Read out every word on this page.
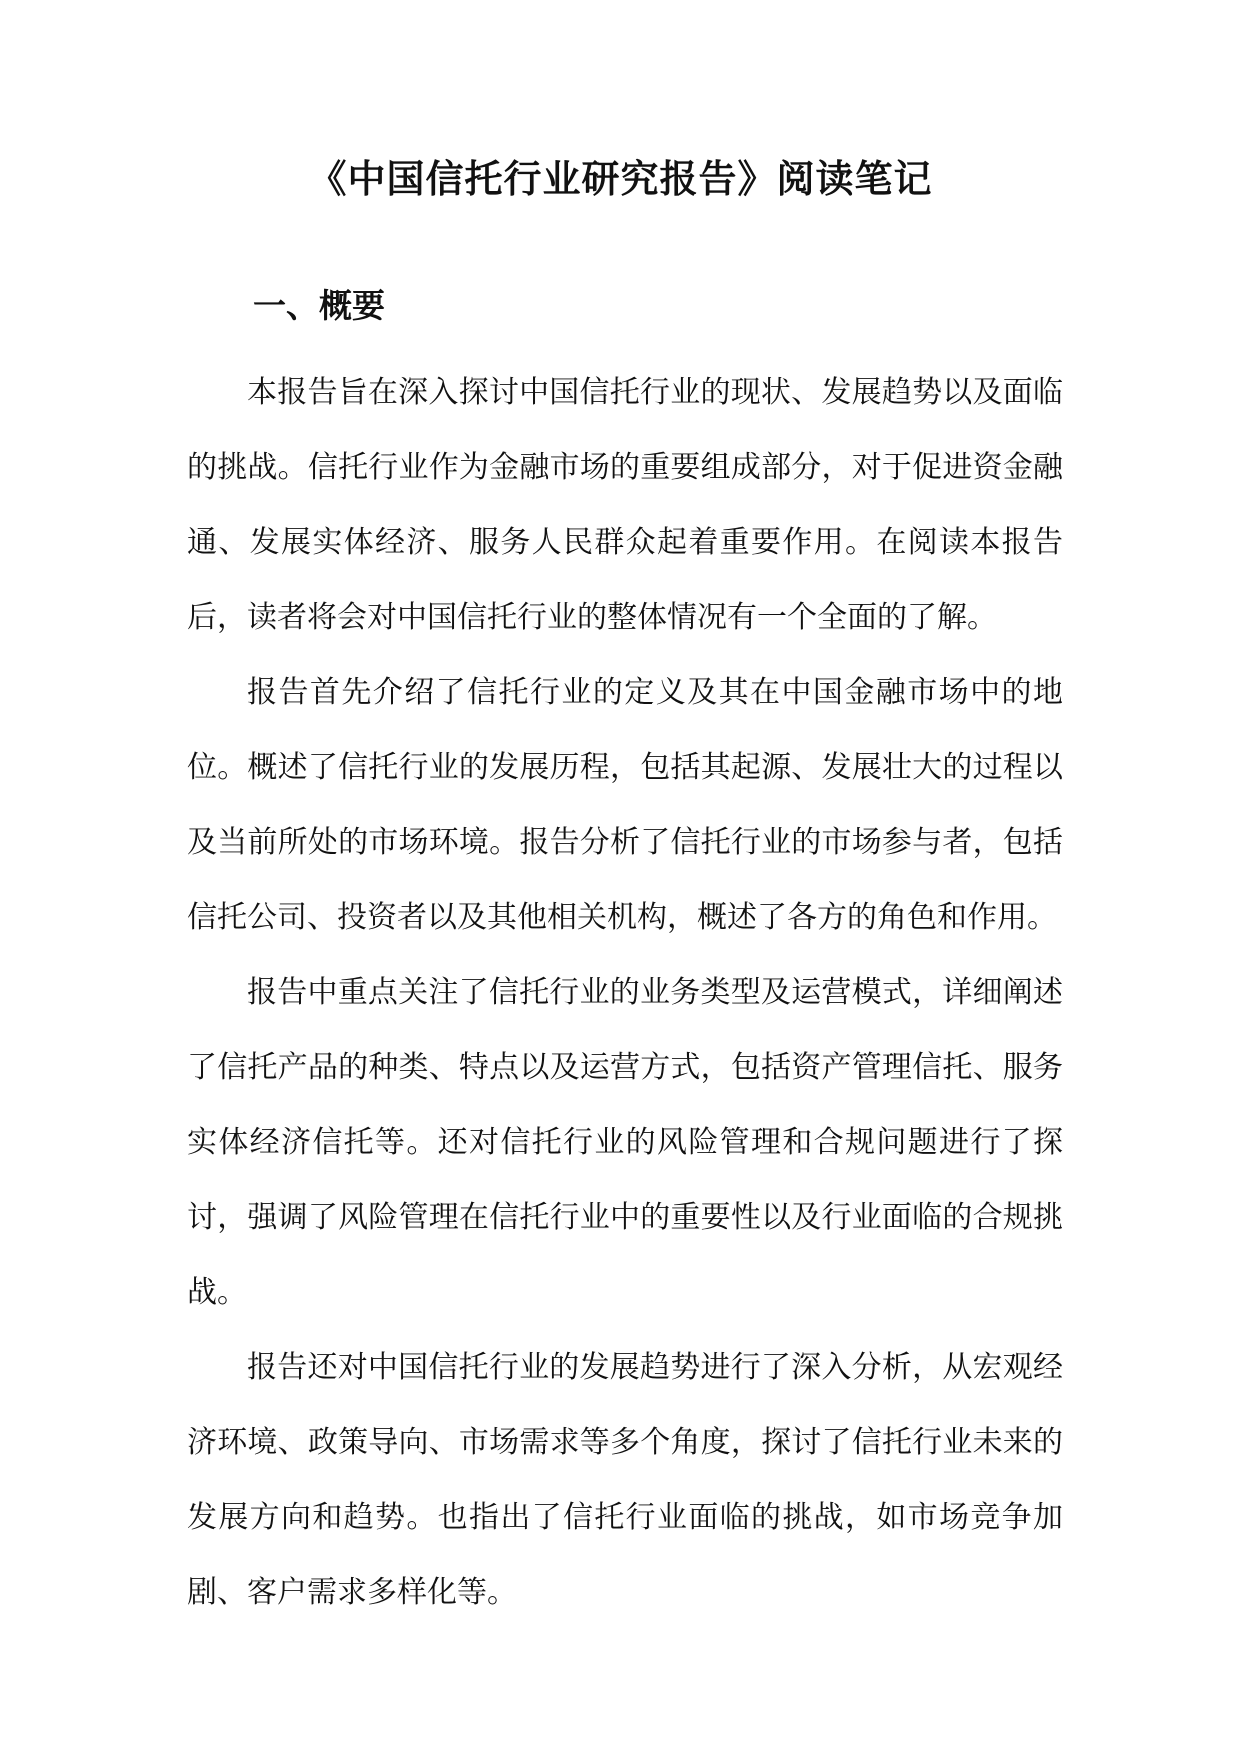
《中国信托行业研究报告》阅读笔记
一、概要

本报告旨在深入探讨中国信托行业的现状、发展趋势以及面临的挑战。信托行业作为金融市场的重要组成部分，对于促进资金融通、发展实体经济、服务人民群众起着重要作用。在阅读本报告后，读者将会对中国信托行业的整体情况有一个全面的了解。

报告首先介绍了信托行业的定义及其在中国金融市场中的地位。概述了信托行业的发展历程，包括其起源、发展壮大的过程以及当前所处的市场环境。报告分析了信托行业的市场参与者，包括信托公司、投资者以及其他相关机构，概述了各方的角色和作用。

报告中重点关注了信托行业的业务类型及运营模式，详细阐述了信托产品的种类、特点以及运营方式，包括资产管理信托、服务实体经济信托等。还对信托行业的风险管理和合规问题进行了探讨，强调了风险管理在信托行业中的重要性以及行业面临的合规挑战。

报告还对中国信托行业的发展趋势进行了深入分析，从宏观经济环境、政策导向、市场需求等多个角度，探讨了信托行业未来的发展方向和趋势。也指出了信托行业面临的挑战，如市场竞争加剧、客户需求多样化等。
